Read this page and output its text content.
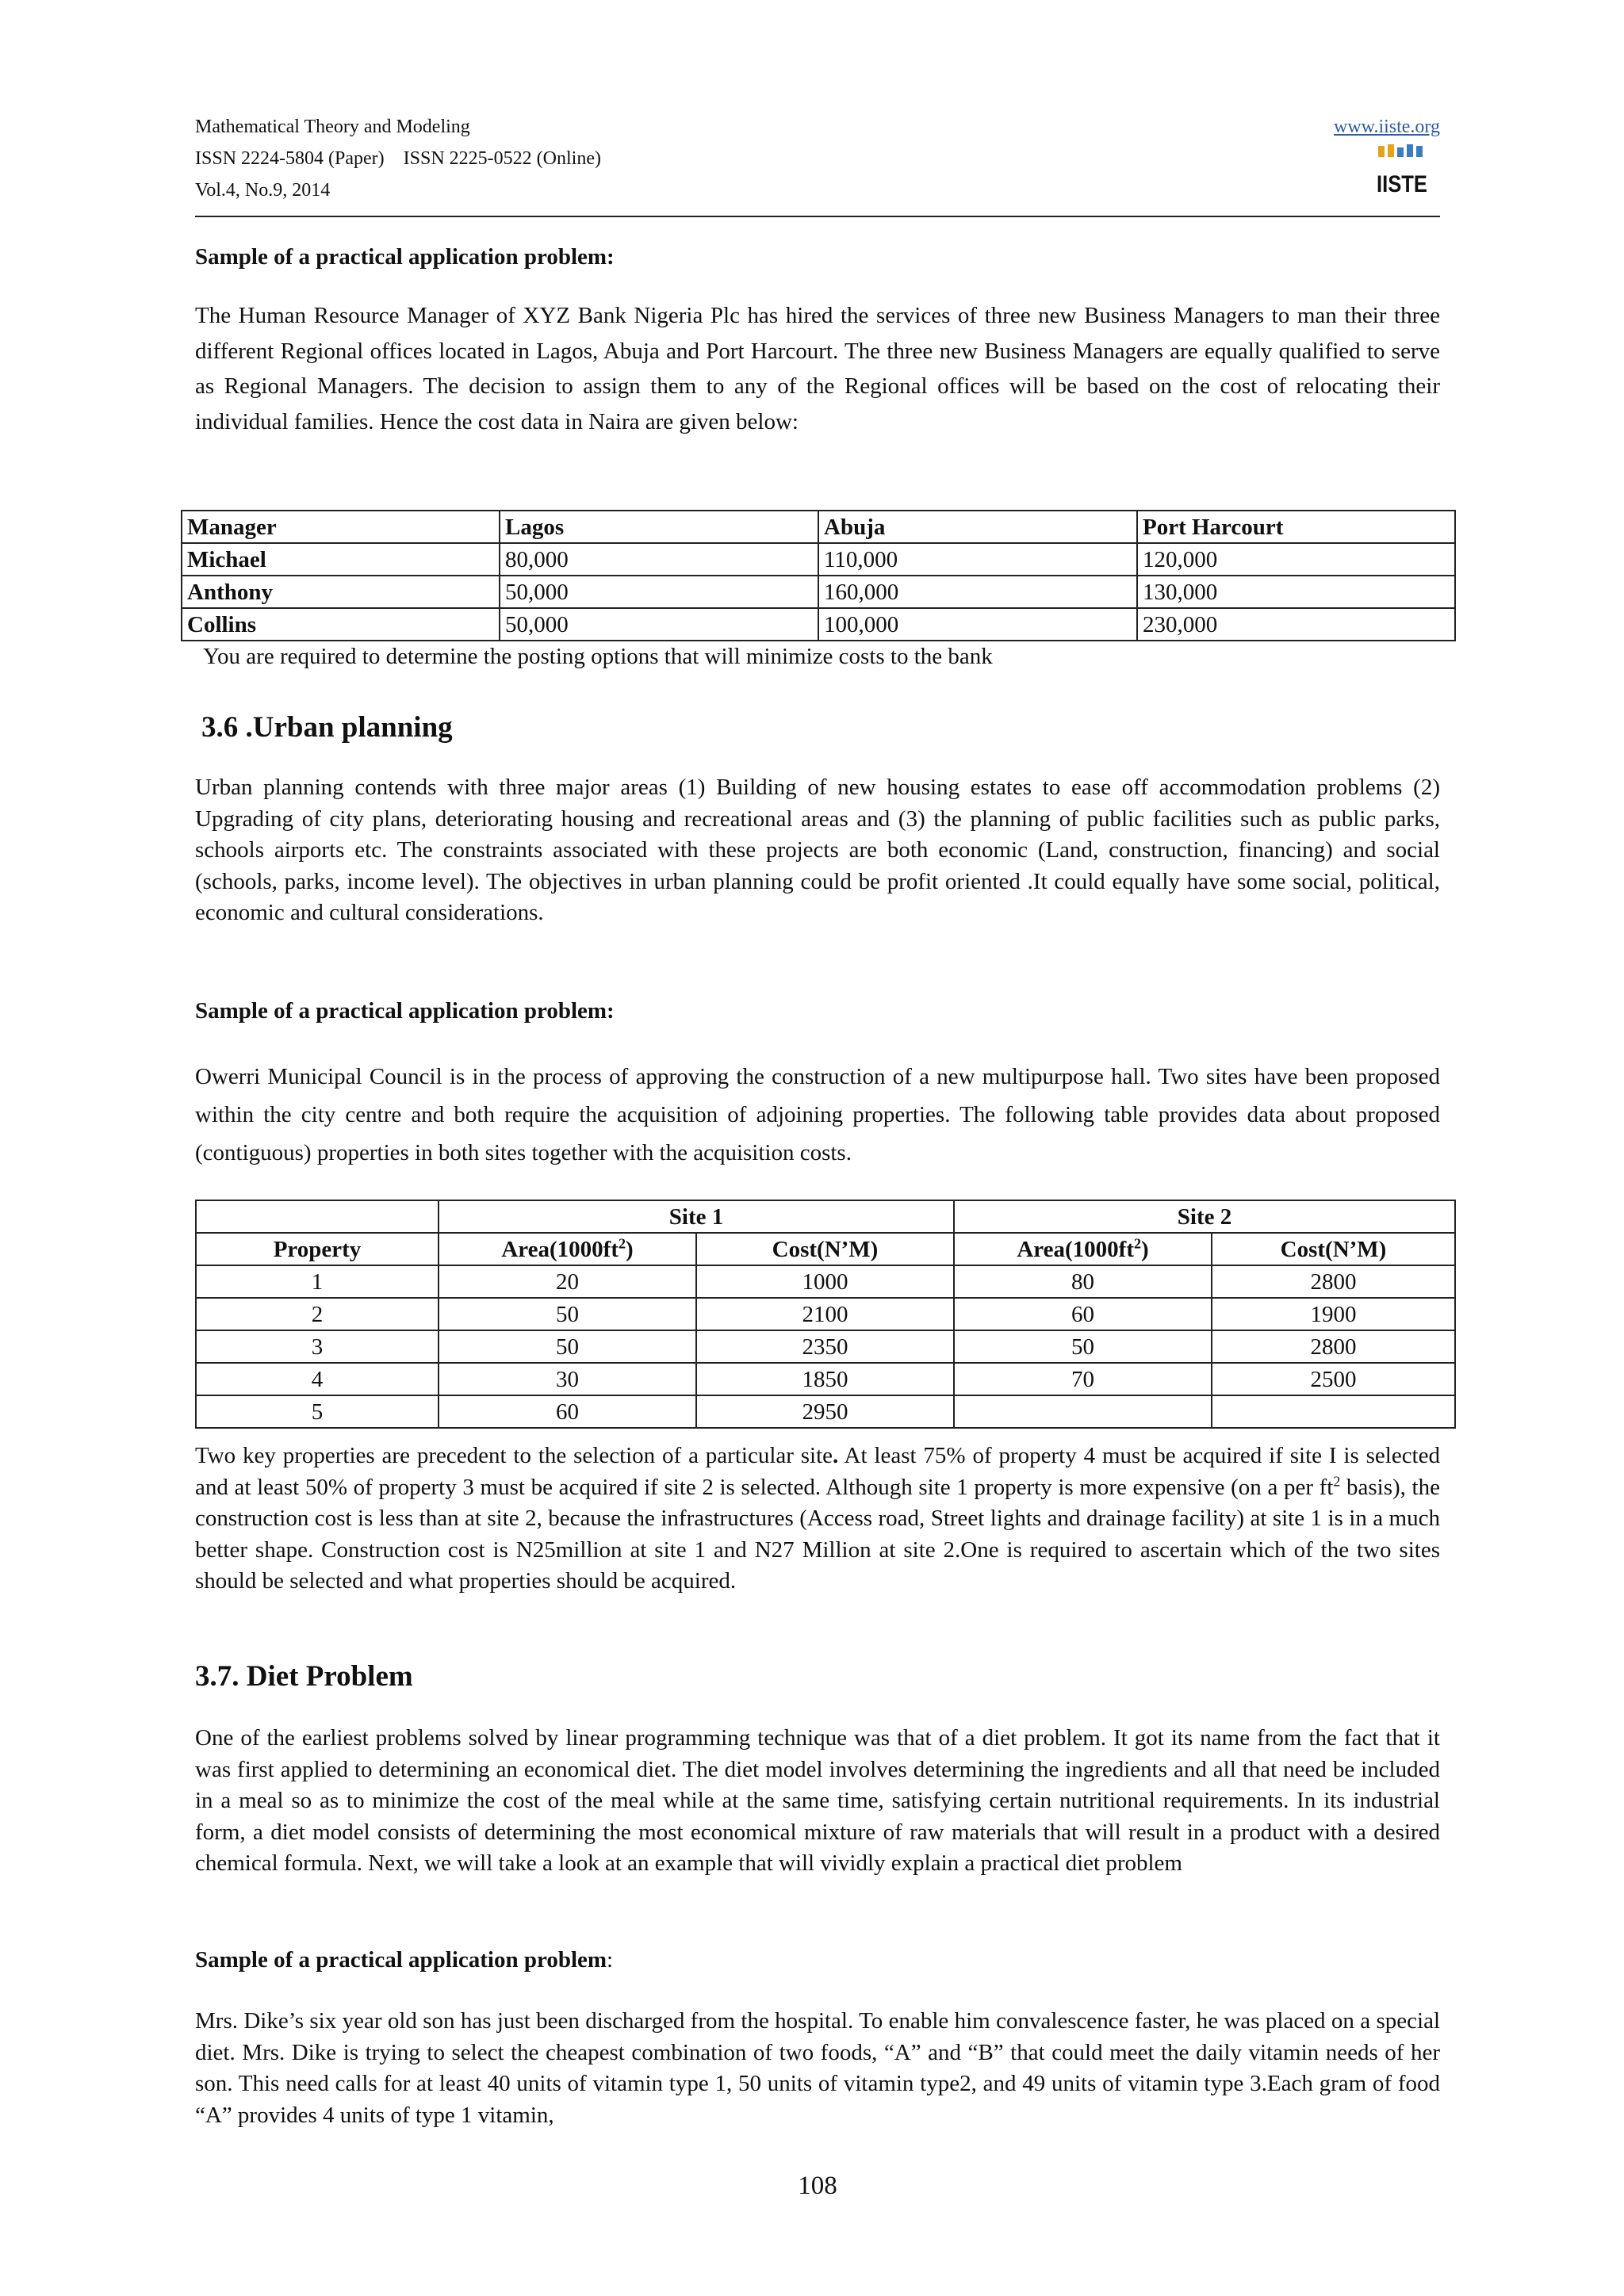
Mathematical Theory and Modeling
ISSN 2224-5804 (Paper)    ISSN 2225-0522 (Online)
Vol.4, No.9, 2014
www.iiste.org
IISTE
Sample of a practical application problem:
The Human Resource Manager of XYZ Bank Nigeria Plc has hired the services of three new Business Managers to man their three different Regional offices located in Lagos, Abuja and Port Harcourt. The three new Business Managers are equally qualified to serve as Regional Managers. The decision to assign them to any of the Regional offices will be based on the cost of relocating their individual families. Hence the cost data in Naira are given below:
Manager	Lagos	Abuja	Port Harcourt
Michael	80,000	110,000	120,000
Anthony	50,000	160,000	130,000
Collins	50,000	100,000	230,000
You are required to determine the posting options that will minimize costs to the bank
3.6 .Urban planning
Urban planning contends with three major areas (1) Building of new housing estates to ease off accommodation problems (2) Upgrading of city plans, deteriorating housing and recreational areas and (3) the planning of public facilities such as public parks, schools airports etc. The constraints associated with these projects are both economic (Land, construction, financing) and social (schools, parks, income level). The objectives in urban planning could be profit oriented .It could equally have some social, political, economic and cultural considerations.
Sample of a practical application problem:
Owerri Municipal Council is in the process of approving the construction of a new multipurpose hall. Two sites have been proposed within the city centre and both require the acquisition of adjoining properties. The following table provides data about proposed (contiguous) properties in both sites together with the acquisition costs.
	Site 1		Site 2	
Property	$Area(1000ft^2)$	Cost(N’M)	$Area(1000ft^2)$	Cost(N’M)
1	20	1000	80	2800
2	50	2100	60	1900
3	50	2350	50	2800
4	30	1850	70	2500
5	60	2950		
Two key properties are precedent to the selection of a particular site. At least 75% of property 4 must be acquired if site I is selected and at least 50% of property 3 must be acquired if site 2 is selected. Although site 1 property is more expensive (on a per $ft^2$ basis), the construction cost is less than at site 2, because the infrastructures (Access road, Street lights and drainage facility) at site 1 is in a much better shape. Construction cost is N25million at site 1 and N27 Million at site 2.One is required to ascertain which of the two sites should be selected and what properties should be acquired.
3.7. Diet Problem
One of the earliest problems solved by linear programming technique was that of a diet problem. It got its name from the fact that it was first applied to determining an economical diet. The diet model involves determining the ingredients and all that need be included in a meal so as to minimize the cost of the meal while at the same time, satisfying certain nutritional requirements. In its industrial form, a diet model consists of determining the most economical mixture of raw materials that will result in a product with a desired chemical formula. Next, we will take a look at an example that will vividly explain a practical diet problem
Sample of a practical application problem:
Mrs. Dike’s six year old son has just been discharged from the hospital. To enable him convalescence faster, he was placed on a special diet. Mrs. Dike is trying to select the cheapest combination of two foods, “A” and “B” that could meet the daily vitamin needs of her son. This need calls for at least 40 units of vitamin type 1, 50 units of vitamin type2, and 49 units of vitamin type 3.Each gram of food “A” provides 4 units of type 1 vitamin,
108
